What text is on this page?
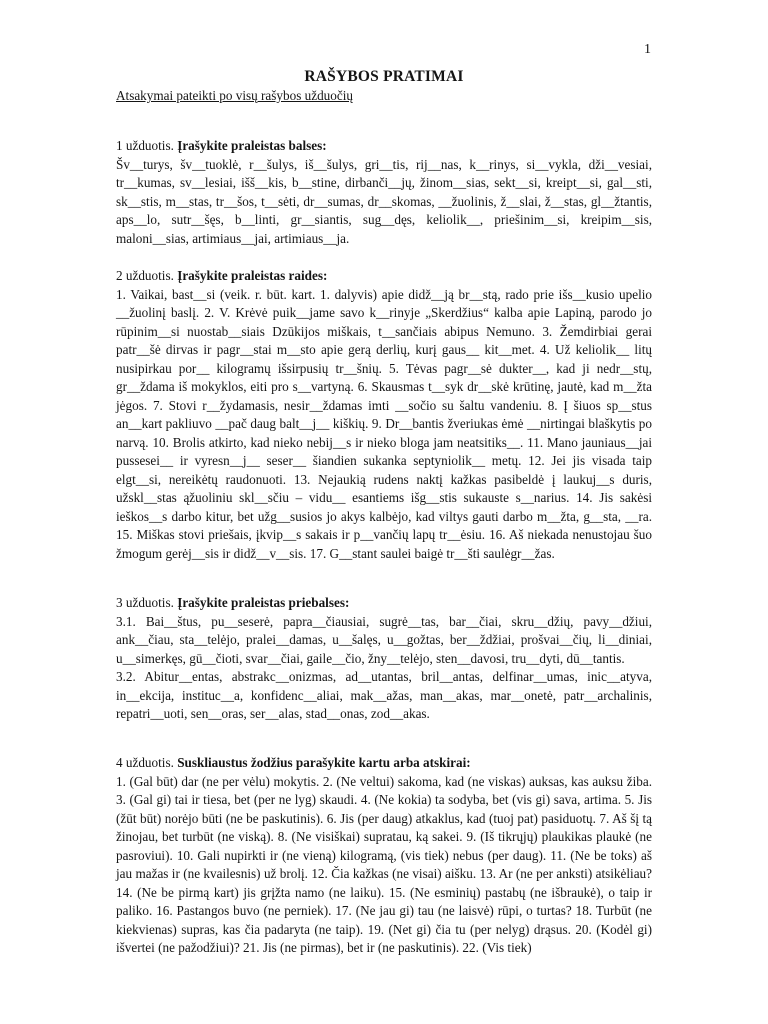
1
RAŠYBOS PRATIMAI
Atsakymai pateikti po visų rašybos užduočių

1 užduotis. Įrašykite praleistas balses:

Šv__turys, šv__tuoklė, r__šulys, iš__šulys, gri__tis, rij__nas, k__rinys, si__vykla, dži__vesiai, tr__kumas, sv__lesiai, išš__kis, b__stine, dirbanči__jų, žinom__sias, sekt__si, kreipt__si, gal__sti, sk__stis, m__stas, tr__šos, t__sėti, dr__sumas, dr__skomas, __žuolinis, ž__slai, ž__stas, gl__žtantis, aps__lo, sutr__šęs, b__linti, gr__siantis, sug__dęs, keliolik__, priešinim__si, kreipim__sis, maloni__sias, artimiaus__jai, artimiaus__ja.

2 užduotis. Įrašykite praleistas raides:

1. Vaikai, bast__si (veik. r. būt. kart. 1. dalyvis) apie didž__ją br__stą, rado prie išs__kusio upelio __žuolinį baslį. 2. V. Krėvė puik__jame savo k__rinyje „Skerdžius“ kalba apie Lapiną, parodo jo rūpinim__si nuostab__siais Dzūkijos miškais, t__sančiais abipus Nemuno. 3. Žemdirbiai gerai patr__šė dirvas ir pagr__stai m__sto apie gerą derlių, kurį gaus__ kit__met. 4. Už keliolik__ litų nusipirkau por__ kilogramų išsirpusių tr__šnių. 5. Tėvas pagr__sė dukter__, kad ji nedr__stų, gr__ždama iš mokyklos, eiti pro s__vartyną. 6. Skausmas t__syk dr__skė krūtinę, jautė, kad m__žta jėgos. 7. Stovi r__žydamasis, nesir__ždamas imti __sočio su šaltu vandeniu. 8. Į šiuos sp__stus an__kart pakliuvo __pač daug balt__j__ kiškių. 9. Dr__bantis žveriukas ėmė __nirtingai blaškytis po narvą. 10. Brolis atkirto, kad nieko nebij__s ir nieko bloga jam neatsitiks__. 11. Mano jauniaus__jai pussesei__ ir vyresn__j__ seser__ šiandien sukanka septyniolik__ metų. 12. Jei jis visada taip elgt__si, nereikėtų raudonuoti. 13. Nejaukią rudens naktį kažkas pasibeldė į laukuj__s duris, užskl__stas ąžuoliniu skl__sčiu – vidu__ esantiems išg__stis sukauste s__narius. 14. Jis sakėsi ieškos__s darbo kitur, bet užg__susios jo akys kalbėjo, kad viltys gauti darbo m__žta, g__sta, __ra. 15. Miškas stovi priešais, įkvip__s sakais ir p__vančių lapų tr__ėsiu. 16. Aš niekada nenustojau šuo žmogum gerėj__sis ir didž__v__sis. 17. G__stant saulei baigė tr__šti saulėgr__žas.

3 užduotis. Įrašykite praleistas priebalses:

3.1. Bai__štus, pu__seserė, papra__čiausiai, sugrė__tas, bar__čiai, skru__džių, pavy__džiui, ank__čiau, sta__telėjo, pralei__damas, u__šalęs, u__gožtas, ber__ždžiai, prošvai__čių, li__diniai, u__simerkęs, gū__čioti, svar__čiai, gaile__čio, žny__telėjo, sten__davosi, tru__dyti, dū__tantis.

3.2. Abitur__entas, abstrakc__onizmas, ad__utantas, bril__antas, delfinar__umas, inic__atyva, in__ekcija, instituc__a, konfidenc__aliai, mak__ažas, man__akas, mar__onetė, patr__archalinis, repatri__uoti, sen__oras, ser__alas, stad__onas, zod__akas.

4 užduotis. Suskliaustus žodžius parašykite kartu arba atskirai:

1. (Gal būt) dar (ne per vėlu) mokytis. 2. (Ne veltui) sakoma, kad (ne viskas) auksas, kas auksu žiba. 3. (Gal gi) tai ir tiesa, bet (per ne lyg) skaudi. 4. (Ne kokia) ta sodyba, bet (vis gi) sava, artima. 5. Jis (žūt būt) norėjo būti (ne be paskutinis). 6. Jis (per daug) atkaklus, kad (tuoj pat) pasiduotų. 7. Aš šį tą žinojau, bet turbūt (ne viską). 8. (Ne visiškai) supratau, ką sakei. 9. (Iš tikrųjų) plaukikas plaukė (ne pasroviui). 10. Gali nupirkti ir (ne vieną) kilogramą, (vis tiek) nebus (per daug). 11. (Ne be toks) aš jau mažas ir (ne kvailesnis) už brolį. 12. Čia kažkas (ne visai) aišku. 13. Ar (ne per anksti) atsikėliau? 14. (Ne be pirmą kart) jis grįžta namo (ne laiku). 15. (Ne esminių) pastabų (ne išbraukė), o taip ir paliko. 16. Pastangos buvo (ne perniek). 17. (Ne jau gi) tau (ne laisvė) rūpi, o turtas? 18. Turbūt (ne kiekvienas) supras, kas čia padaryta (ne taip). 19. (Net gi) čia tu (per nelyg) drąsus. 20. (Kodėl gi) išvertei (ne pažodžiui)? 21. Jis (ne pirmas), bet ir (ne paskutinis). 22. (Vis tiek)
